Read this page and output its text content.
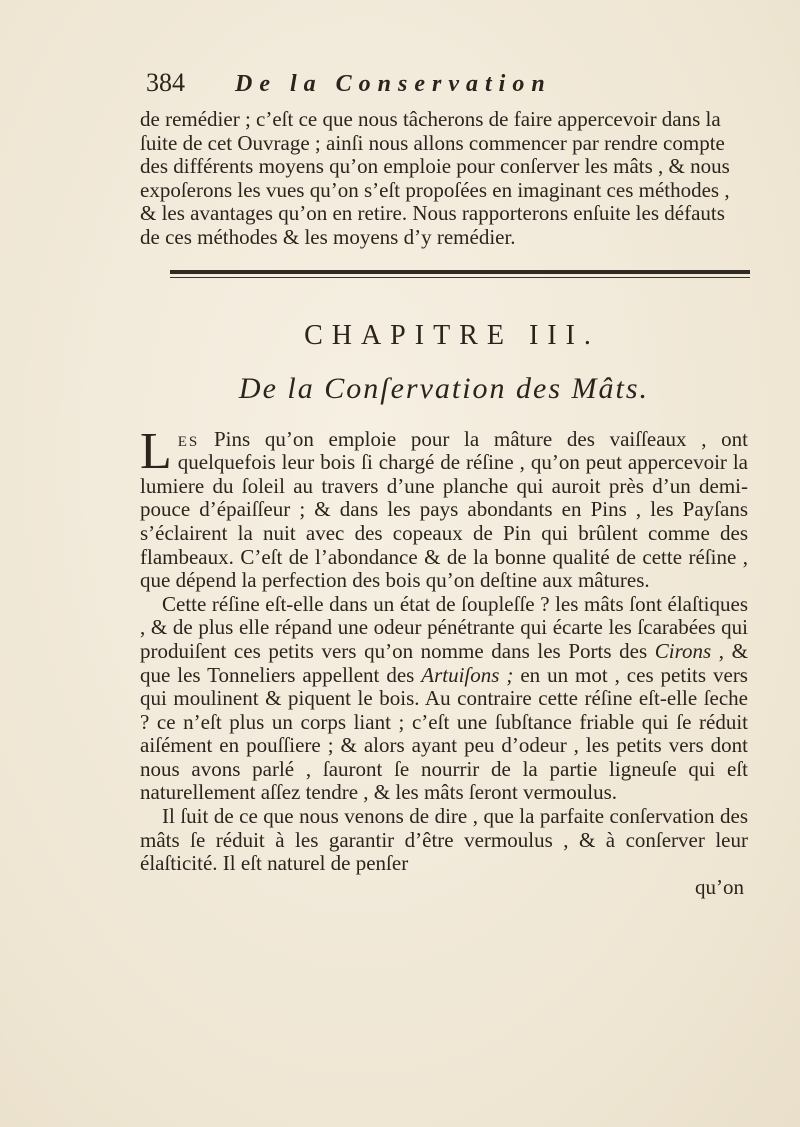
384 De la Conservation

de remédier ; c’eſt ce que nous tâcherons de faire appercevoir dans la ſuite de cet Ouvrage ; ainſi nous allons commencer par rendre compte des différents moyens qu’on emploie pour conſerver les mâts , & nous expoſerons les vues qu’on s’eſt propoſées en imaginant ces méthodes , & les avantages qu’on en retire. Nous rapporterons enſuite les défauts de ces méthodes & les moyens d’y remédier.

CHAPITRE III.
De la Conſervation des Mâts.

Les Pins qu’on emploie pour la mâture des vaiſſeaux , ont quelquefois leur bois ſi chargé de réſine , qu’on peut appercevoir la lumiere du ſoleil au travers d’une planche qui auroit près d’un demi-pouce d’épaiſſeur ; & dans les pays abondants en Pins , les Payſans s’éclairent la nuit avec des copeaux de Pin qui brûlent comme des flambeaux. C’eſt de l’abondance & de la bonne qualité de cette réſine , que dépend la perfection des bois qu’on deſtine aux mâtures.

Cette réſine eſt-elle dans un état de ſoupleſſe ? les mâts ſont élaſtiques , & de plus elle répand une odeur pénétrante qui écarte les ſcarabées qui produiſent ces petits vers qu’on nomme dans les Ports des Cirons , & que les Tonneliers appellent des Artuiſons ; en un mot , ces petits vers qui moulinent & piquent le bois. Au contraire cette réſine eſt-elle ſeche ? ce n’eſt plus un corps liant ; c’eſt une ſubſtance friable qui ſe réduit aiſément en pouſſiere ; & alors ayant peu d’odeur , les petits vers dont nous avons parlé , ſauront ſe nourrir de la partie ligneuſe qui eſt naturellement aſſez tendre , & les mâts ſeront vermoulus.

Il ſuit de ce que nous venons de dire , que la parfaite conſervation des mâts ſe réduit à les garantir d’être vermoulus , & à conſerver leur élaſticité. Il eſt naturel de penſer

qu’on
